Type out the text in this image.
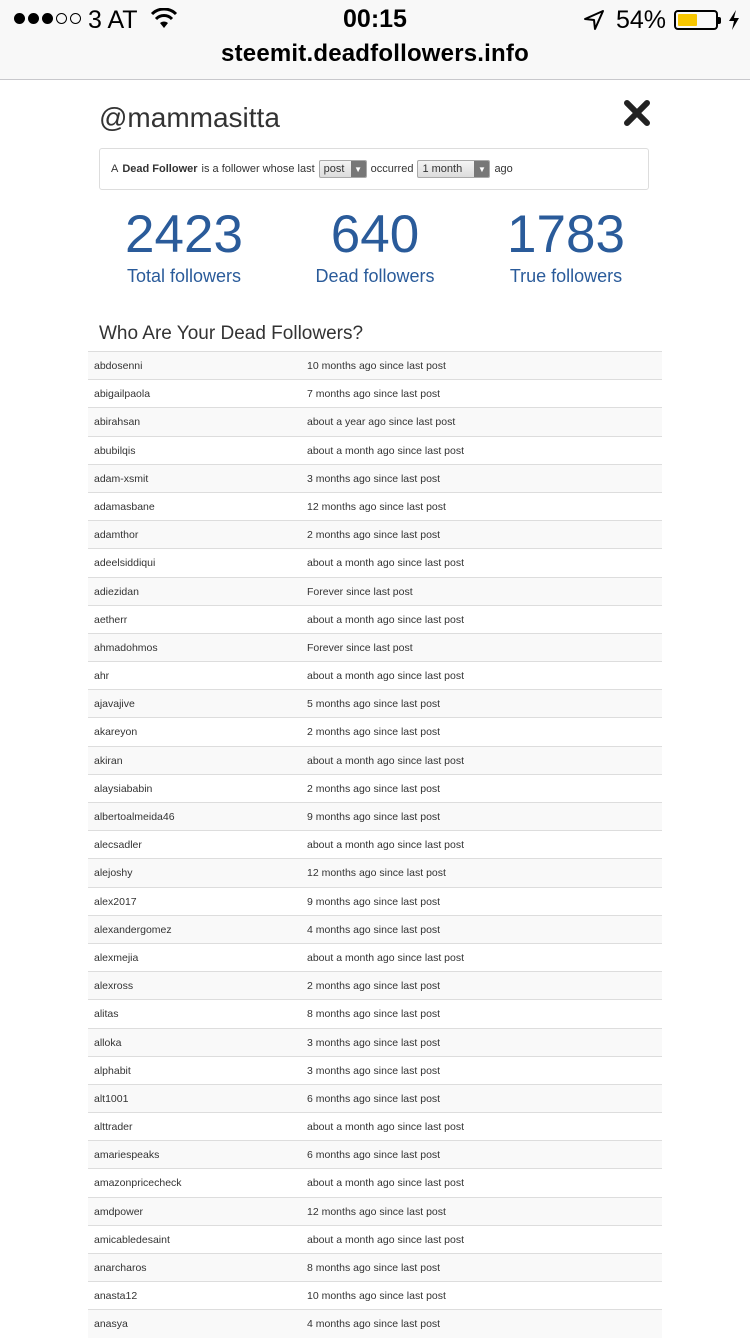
3 AT	00:15	54%
steemit.deadfollowers.info
@mammasitta
A Dead Follower is a follower whose last post	▼ occurred 1 month	▼ ago
2423
Total followers
640
Dead followers
1783
True followers
Who Are Your Dead Followers?
abdosenni	10 months ago since last post
abigailpaola	7 months ago since last post
abirahsan	about a year ago since last post
abubilqis	about a month ago since last post
adam-xsmit	3 months ago since last post
adamasbane	12 months ago since last post
adamthor	2 months ago since last post
adeelsiddiqui	about a month ago since last post
adiezidan	Forever since last post
aetherr	about a month ago since last post
ahmadohmos	Forever since last post
ahr	about a month ago since last post
ajavajive	5 months ago since last post
akareyon	2 months ago since last post
akiran	about a month ago since last post
alaysiababin	2 months ago since last post
albertoalmeida46	9 months ago since last post
alecsadler	about a month ago since last post
alejoshy	12 months ago since last post
alex2017	9 months ago since last post
alexandergomez	4 months ago since last post
alexmejia	about a month ago since last post
alexross	2 months ago since last post
alitas	8 months ago since last post
alloka	3 months ago since last post
alphabit	3 months ago since last post
alt1001	6 months ago since last post
alttrader	about a month ago since last post
amariespeaks	6 months ago since last post
amazonpricecheck	about a month ago since last post
amdpower	12 months ago since last post
amicabledesaint	about a month ago since last post
anarcharos	8 months ago since last post
anasta12	10 months ago since last post
anasya	4 months ago since last post
